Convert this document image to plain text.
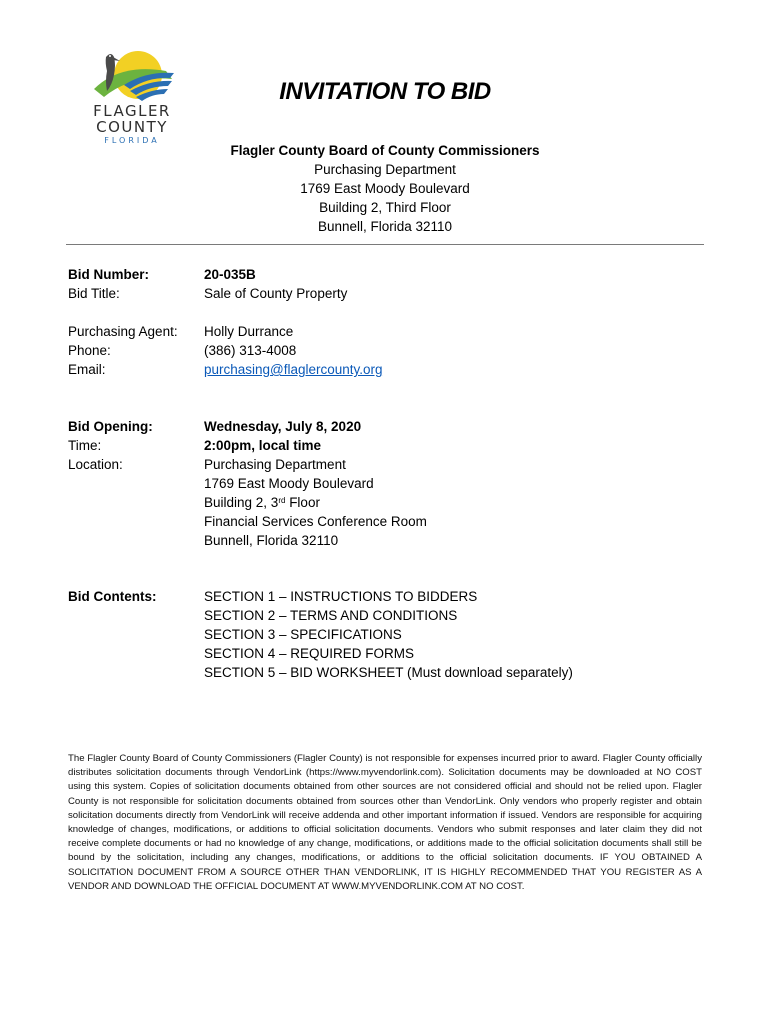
FLAGLER
COUNTY
FLORIDA
INVITATION TO BID
Flagler County Board of County Commissioners
Purchasing Department
1769 East Moody Boulevard
Building 2, Third Floor
Bunnell, Florida 32110
Bid Number:	20-035B
Bid Title:	Sale of County Property
Purchasing Agent: Holly Durrance
Phone:	(386) 313-4008
Email:	purchasing@flaglercounty.org
Bid Opening:	Wednesday, July 8, 2020
Time:	2:00pm, local time
Location:	Purchasing Department
1769 East Moody Boulevard
Building 2, 3rd Floor
Financial Services Conference Room
Bunnell, Florida 32110
Bid Contents:	SECTION 1 – INSTRUCTIONS TO BIDDERS
SECTION 2 – TERMS AND CONDITIONS
SECTION 3 – SPECIFICATIONS
SECTION 4 – REQUIRED FORMS
SECTION 5 – BID WORKSHEET (Must download separately)
The Flagler County Board of County Commissioners (Flagler County) is not responsible for expenses incurred prior to award. Flagler County officially distributes solicitation documents through VendorLink (https://www.myvendorlink.com). Solicitation documents may be downloaded at NO COST using this system. Copies of solicitation documents obtained from other sources are not considered official and should not be relied upon. Flagler County is not responsible for solicitation documents obtained from sources other than VendorLink. Only vendors who properly register and obtain solicitation documents directly from VendorLink will receive addenda and other important information if issued. Vendors are responsible for acquiring knowledge of changes, modifications, or additions to official solicitation documents. Vendors who submit responses and later claim they did not receive complete documents or had no knowledge of any change, modifications, or additions made to the official solicitation documents shall still be bound by the solicitation, including any changes, modifications, or additions to the official solicitation documents. IF YOU OBTAINED A SOLICITATION DOCUMENT FROM A SOURCE OTHER THAN VENDORLINK, IT IS HIGHLY RECOMMENDED THAT YOU REGISTER AS A VENDOR AND DOWNLOAD THE OFFICIAL DOCUMENT AT WWW.MYVENDORLINK.COM AT NO COST.
